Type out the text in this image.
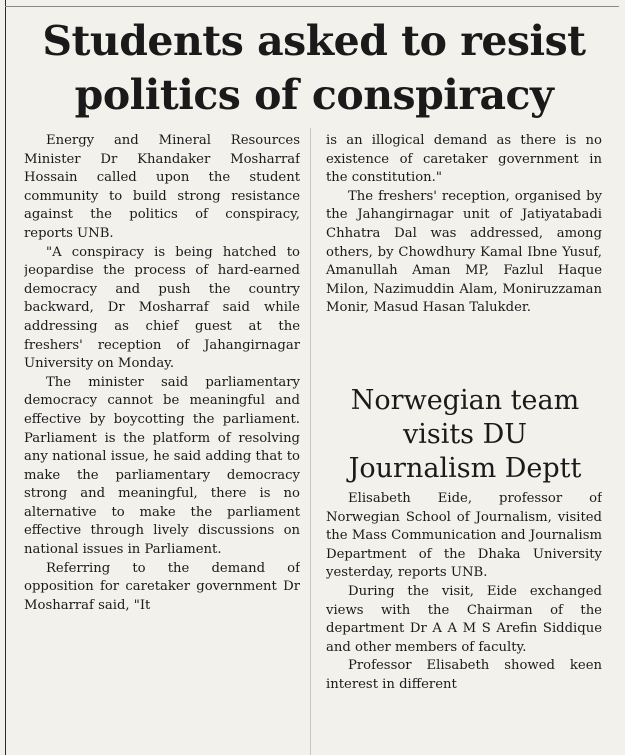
Students asked to resist
politics of conspiracy

Energy and Mineral Resources Minister Dr Khandaker Mosharraf Hossain called upon the student community to build strong resistance against the politics of conspiracy, reports UNB.

"A conspiracy is being hatched to jeopardise the process of hard-earned democracy and push the country backward, Dr Mosharraf said while addressing as chief guest at the freshers' reception of Jahangirnagar University on Monday.

The minister said parliamentary democracy cannot be meaningful and effective by boycotting the parliament. Parliament is the platform of resolving any national issue, he said adding that to make the parliamentary democracy strong and meaningful, there is no alternative to make the parliament effective through lively discussions on national issues in Parliament.

Referring to the demand of opposition for caretaker government Dr Mosharraf said, "It

is an illogical demand as there is no existence of caretaker government in the constitution."

The freshers' reception, organised by the Jahangirnagar unit of Jatiyatabadi Chhatra Dal was addressed, among others, by Chowdhury Kamal Ibne Yusuf, Amanullah Aman MP, Fazlul Haque Milon, Nazimuddin Alam, Moniruzzaman Monir, Masud Hasan Talukder.

Norwegian team
visits DU
Journalism Deptt

Elisabeth Eide, professor of Norwegian School of Journalism, visited the Mass Communication and Journalism Department of the Dhaka University yesterday, reports UNB.

During the visit, Eide exchanged views with the Chairman of the department Dr A A M S Arefin Siddique and other members of faculty.

Professor Elisabeth showed keen interest in different
